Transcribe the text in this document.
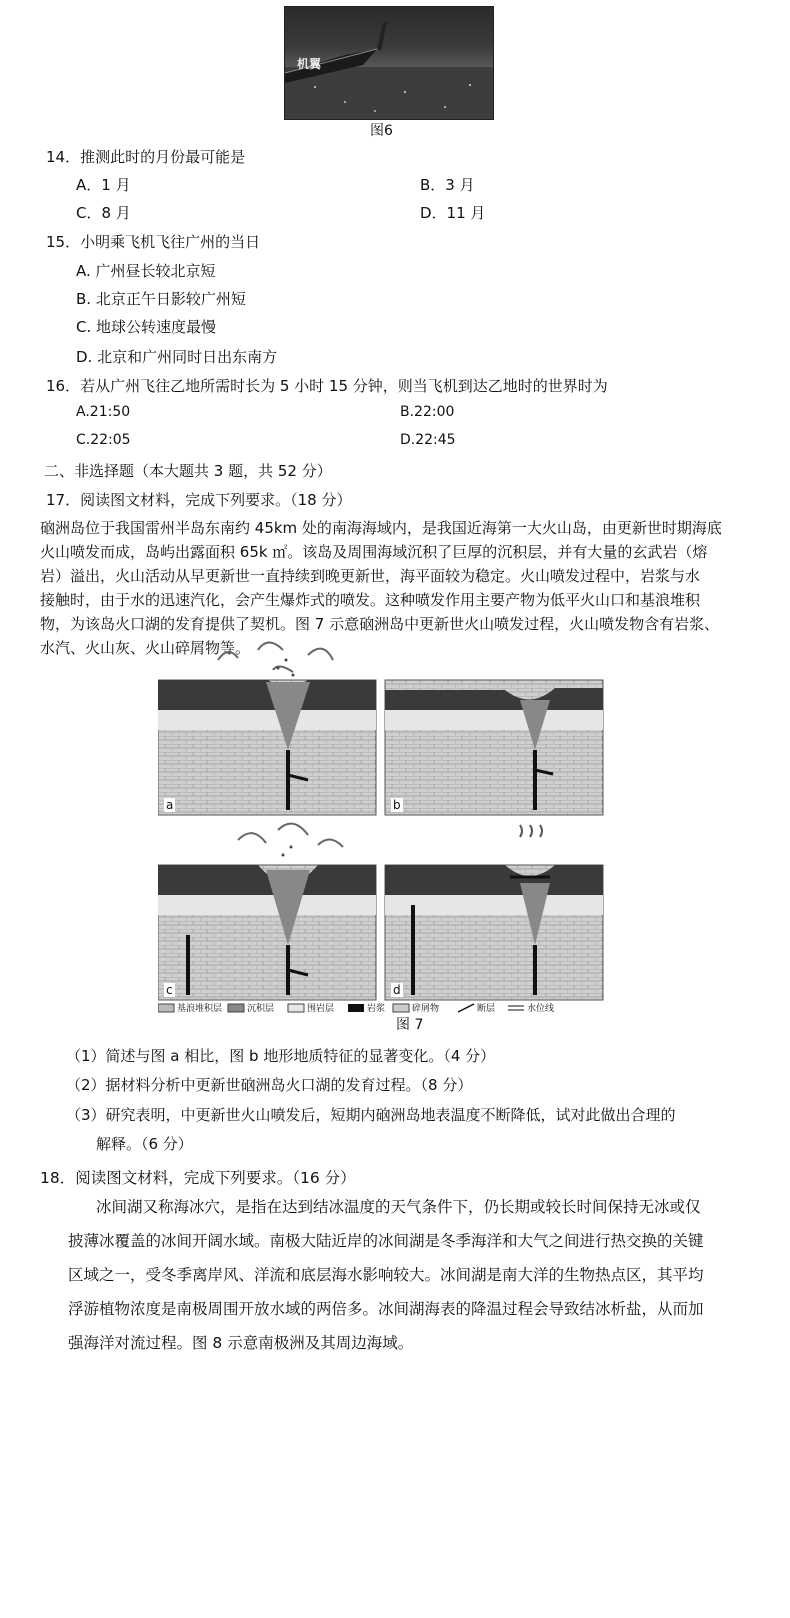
机翼
图6
14．推测此时的月份最可能是
A．1 月	B．3 月
C．8 月	D．11 月
15．小明乘飞机飞往广州的当日
A. 广州昼长较北京短
B. 北京正午日影较广州短
C. 地球公转速度最慢
D. 北京和广州同时日出东南方
16．若从广州飞往乙地所需时长为 5 小时 15 分钟，则当飞机到达乙地时的世界时为
A.21:50	B.22:00
C.22:05	D.22:45
二、非选择题（本大题共 3 题，共 52 分）
17．阅读图文材料，完成下列要求。（18 分）
硇洲岛位于我国雷州半岛东南约 45km 处的南海海域内，是我国近海第一大火山岛，由更新世时期海底
火山喷发而成，岛屿出露面积 65k ㎡。该岛及周围海域沉积了巨厚的沉积层，并有大量的玄武岩（熔
岩）溢出，火山活动从早更新世一直持续到晚更新世，海平面较为稳定。火山喷发过程中，岩浆与水
接触时，由于水的迅速汽化，会产生爆炸式的喷发。这种喷发作用主要产物为低平火山口和基浪堆积
物，为该岛火口湖的发育提供了契机。图 7 示意硇洲岛中更新世火山喷发过程，火山喷发物含有岩浆、
水汽、火山灰、火山碎屑物等。
a	b
c	d
基浪堆积层	沉积层	围岩层	岩浆	碎屑物	断层	水位线
图 7
（1）简述与图 a 相比，图 b 地形地质特征的显著变化。（4 分）
（2）据材料分析中更新世硇洲岛火口湖的发育过程。（8 分）
（3）研究表明，中更新世火山喷发后，短期内硇洲岛地表温度不断降低，试对此做出合理的
解释。（6 分）
18．阅读图文材料，完成下列要求。（16 分）
冰间湖又称海冰穴，是指在达到结冰温度的天气条件下，仍长期或较长时间保持无冰或仅
披薄冰覆盖的冰间开阔水域。南极大陆近岸的冰间湖是冬季海洋和大气之间进行热交换的关键
区域之一，受冬季离岸风、洋流和底层海水影响较大。冰间湖是南大洋的生物热点区，其平均
浮游植物浓度是南极周围开放水域的两倍多。冰间湖海表的降温过程会导致结冰析盐，从而加
强海洋对流过程。图 8 示意南极洲及其周边海域。
